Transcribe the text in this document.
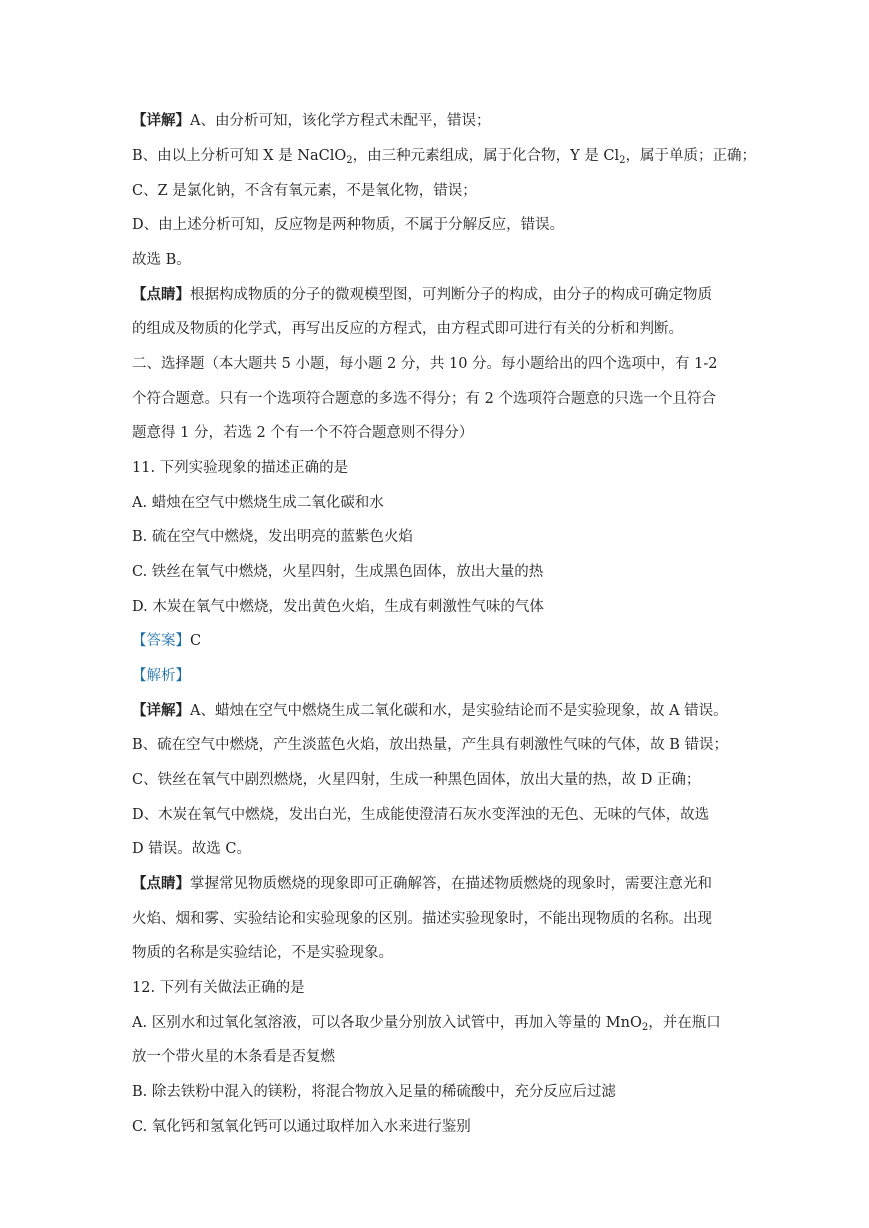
【详解】A、由分析可知，该化学方程式未配平，错误；
B、由以上分析可知 X 是 NaClO$_2$，由三种元素组成，属于化合物，Y 是 $Cl_2$，属于单质；正确；
C、Z 是氯化钠，不含有氧元素，不是氧化物，错误；
D、由上述分析可知，反应物是两种物质，不属于分解反应，错误。
故选 B。
【点睛】根据构成物质的分子的微观模型图，可判断分子的构成，由分子的构成可确定物质
的组成及物质的化学式，再写出反应的方程式，由方程式即可进行有关的分析和判断。
二、选择题（本大题共 5 小题，每小题 2 分，共 10 分。每小题给出的四个选项中，有 1-2
个符合题意。只有一个选项符合题意的多选不得分；有 2 个选项符合题意的只选一个且符合
题意得 1 分，若选 2 个有一个不符合题意则不得分）
11. 下列实验现象的描述正确的是
A. 蜡烛在空气中燃烧生成二氧化碳和水
B. 硫在空气中燃烧，发出明亮的蓝紫色火焰
C. 铁丝在氧气中燃烧，火星四射，生成黑色固体，放出大量的热
D. 木炭在氧气中燃烧，发出黄色火焰，生成有刺激性气味的气体
【答案】C
【解析】
【详解】A、蜡烛在空气中燃烧生成二氧化碳和水，是实验结论而不是实验现象，故 A 错误。
B、硫在空气中燃烧，产生淡蓝色火焰，放出热量，产生具有刺激性气味的气体，故 B 错误；
C、铁丝在氧气中剧烈燃烧，火星四射，生成一种黑色固体，放出大量的热，故 D 正确；
D、木炭在氧气中燃烧，发出白光，生成能使澄清石灰水变浑浊的无色、无味的气体，故选
D 错误。故选 C。
【点睛】掌握常见物质燃烧的现象即可正确解答，在描述物质燃烧的现象时，需要注意光和
火焰、烟和雾、实验结论和实验现象的区别。描述实验现象时，不能出现物质的名称。出现
物质的名称是实验结论，不是实验现象。
12. 下列有关做法正确的是
A. 区别水和过氧化氢溶液，可以各取少量分别放入试管中，再加入等量的 MnO$_2$，并在瓶口
放一个带火星的木条看是否复燃
B. 除去铁粉中混入的镁粉，将混合物放入足量的稀硫酸中，充分反应后过滤
C. 氧化钙和氢氧化钙可以通过取样加入水来进行鉴别
